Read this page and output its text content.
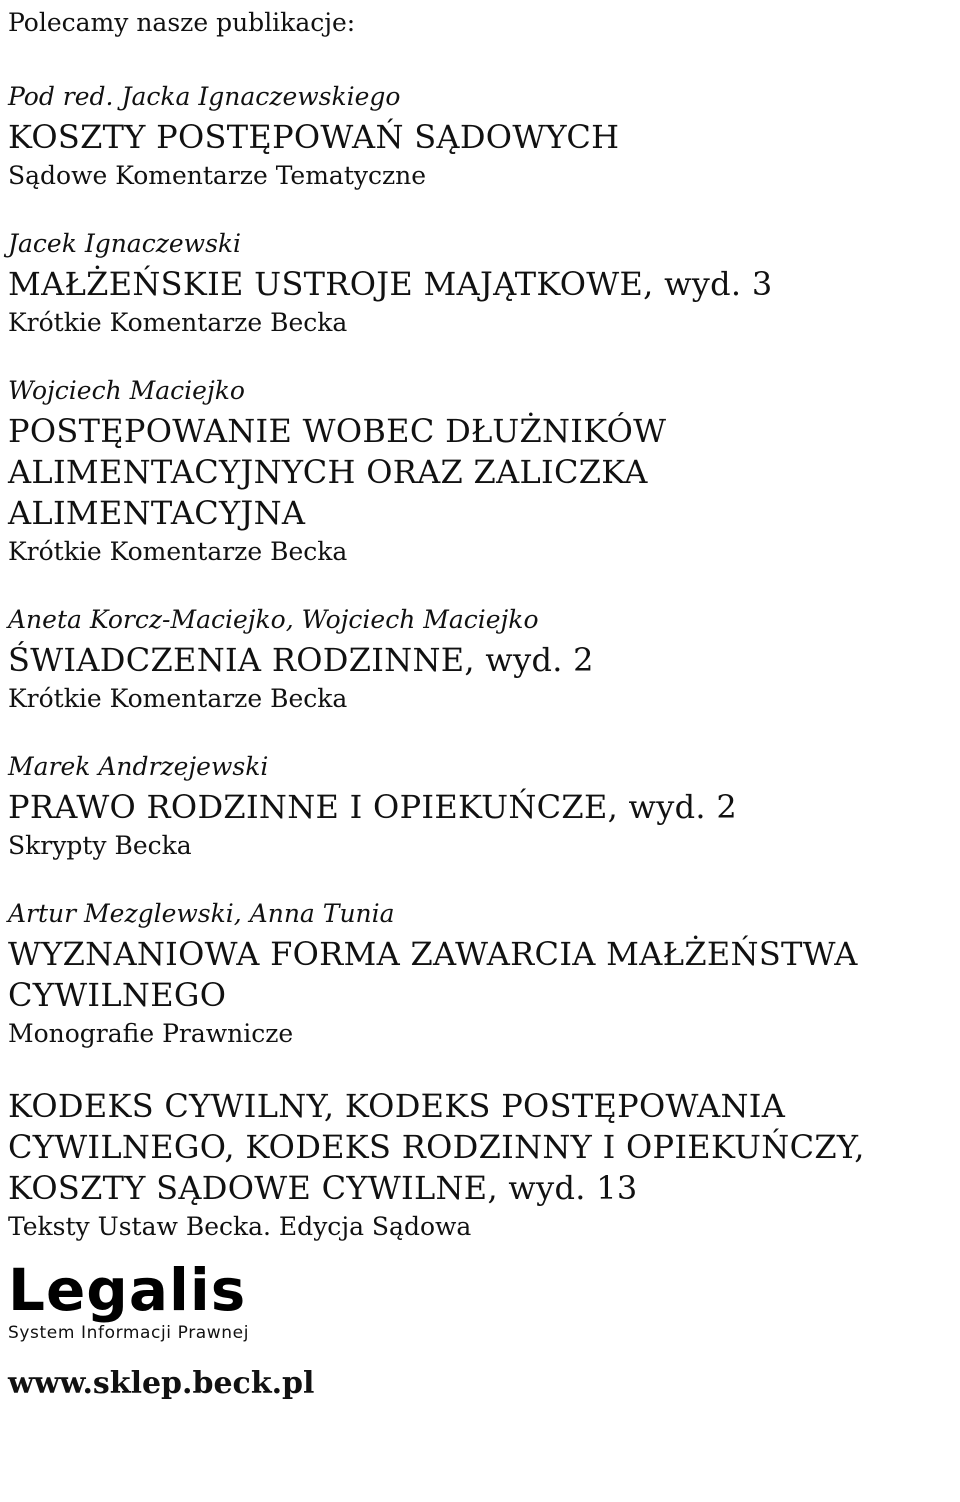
Polecamy nasze publikacje:
Pod red. Jacka Ignaczewskiego
KOSZTY POSTĘPOWAŃ SĄDOWYCH
Sądowe Komentarze Tematyczne
Jacek Ignaczewski
MAŁŻEŃSKIE USTROJE MAJĄTKOWE, wyd. 3
Krótkie Komentarze Becka
Wojciech Maciejko
POSTĘPOWANIE WOBEC DŁUŻNIKÓW ALIMENTACYJNYCH ORAZ ZALICZKA ALIMENTACYJNA
Krótkie Komentarze Becka
Aneta Korcz-Maciejko, Wojciech Maciejko
ŚWIADCZENIA RODZINNE, wyd. 2
Krótkie Komentarze Becka
Marek Andrzejewski
PRAWO RODZINNE I OPIEKUŃCZE, wyd. 2
Skrypty Becka
Artur Mezglewski, Anna Tunia
WYZNANIOWA FORMA ZAWARCIA MAŁŻEŃSTWA CYWILNEGO
Monografie Prawnicze
KODEKS CYWILNY, KODEKS POSTĘPOWANIA CYWILNEGO, KODEKS RODZINNY I OPIEKUŃCZY, KOSZTY SĄDOWE CYWILNE, wyd. 13
Teksty Ustaw Becka. Edycja Sądowa
Legalis
System Informacji Prawnej
www.sklep.beck.pl
